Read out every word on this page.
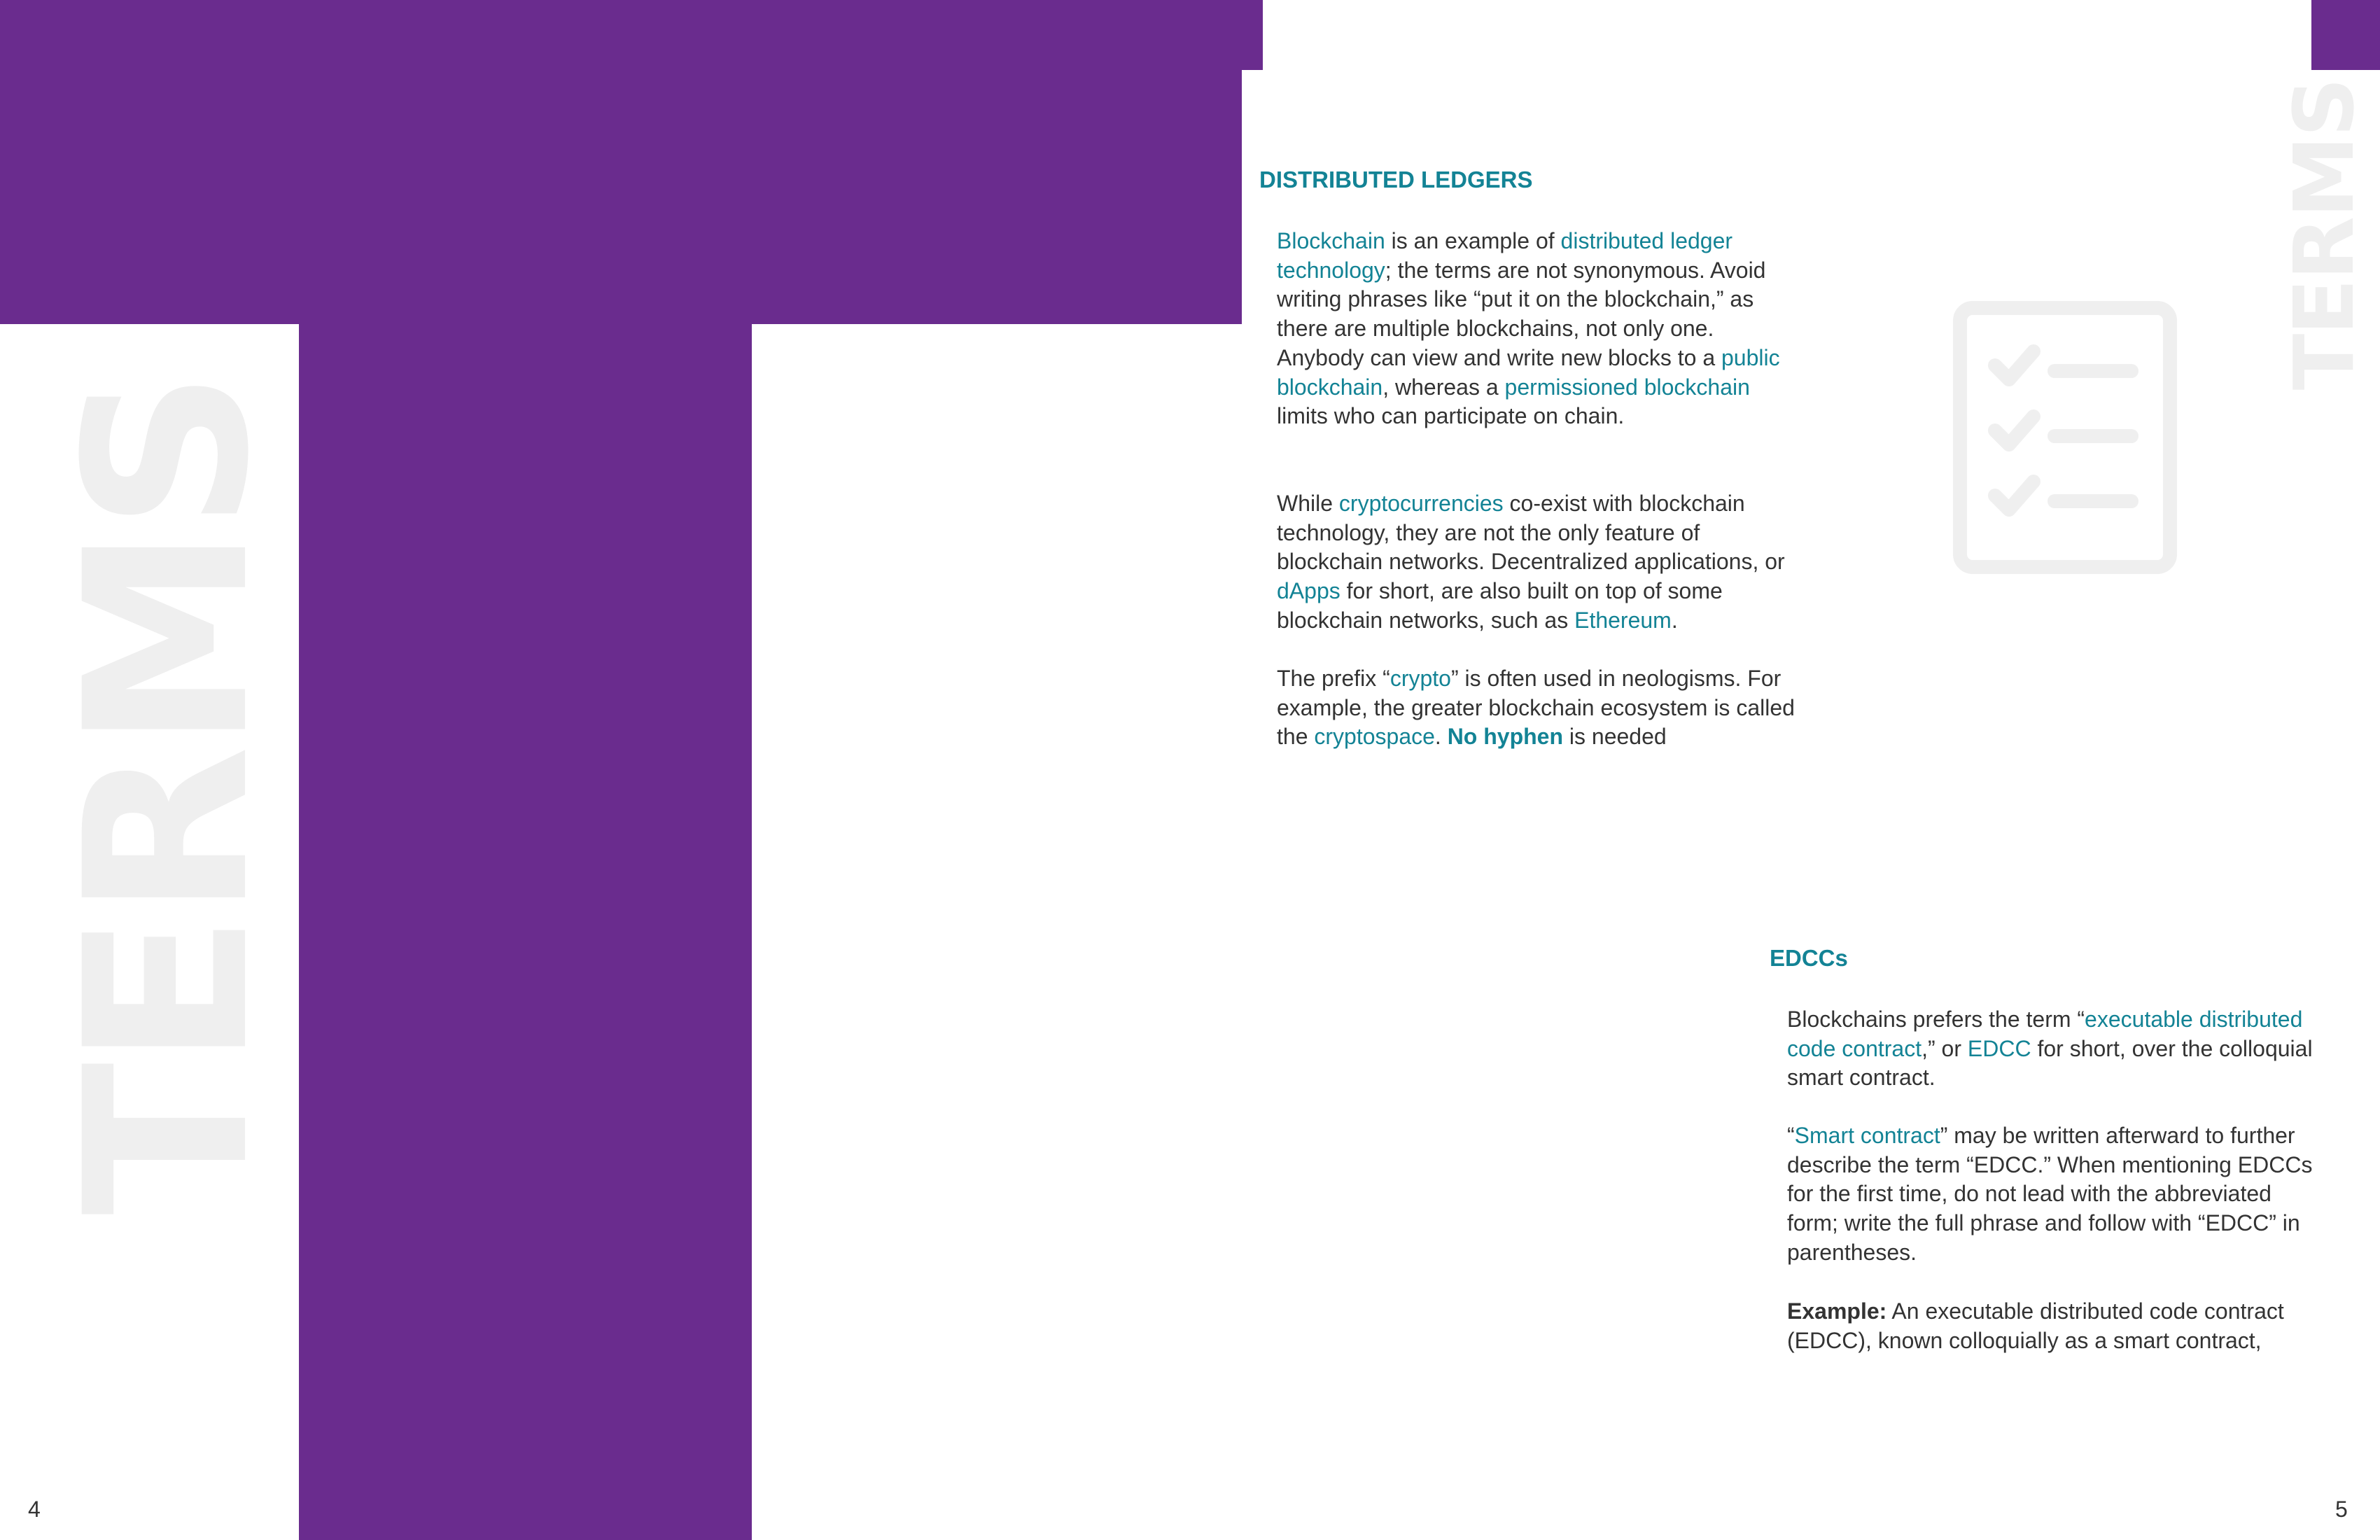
TERMS
4
TERMS
DISTRIBUTED LEDGERS

Blockchain is an example of distributed ledger technology; the terms are not synonymous. Avoid writing phrases like “put it on the blockchain,” as there are multiple blockchains, not only one. Anybody can view and write new blocks to a public blockchain, whereas a permissioned blockchain limits who can participate on chain.

While cryptocurrencies co-exist with blockchain technology, they are not the only feature of blockchain networks. Decentralized applications, or dApps for short, are also built on top of some blockchain networks, such as Ethereum.

The prefix “crypto” is often used in neologisms. For example, the greater blockchain ecosystem is called the cryptospace. No hyphen is needed

EDCCs

Blockchains prefers the term “executable distributed code contract,” or EDCC for short, over the colloquial smart contract.

“Smart contract” may be written afterward to further describe the term “EDCC.” When mentioning EDCCs for the first time, do not lead with the abbreviated form; write the full phrase and follow with “EDCC” in parentheses.

Example: An executable distributed code contract (EDCC), known colloquially as a smart contract,

5
